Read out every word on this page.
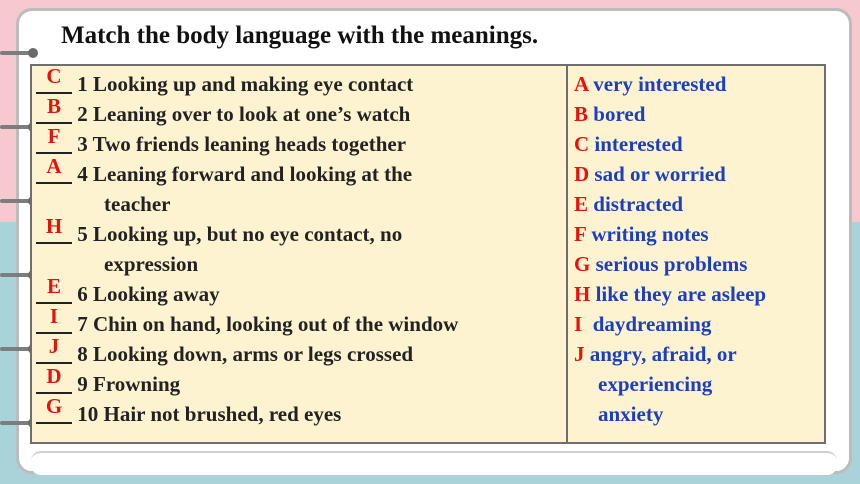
Match the body language with the meanings.
C 1 Looking up and making eye contact
B 2 Leaning over to look at one’s watch
F 3 Two friends leaning heads together
A 4 Leaning forward and looking at the
teacher
H 5 Looking up, but no eye contact, no
expression
E 6 Looking away
I 7 Chin on hand, looking out of the window
J 8 Looking down, arms or legs crossed
D 9 Frowning
G 10 Hair not brushed, red eyes
A very interested
B bored
C interested
D sad or worried
E distracted
F writing notes
G serious problems
H like they are asleep
I  daydreaming
J angry, afraid, or
experiencing
anxiety
